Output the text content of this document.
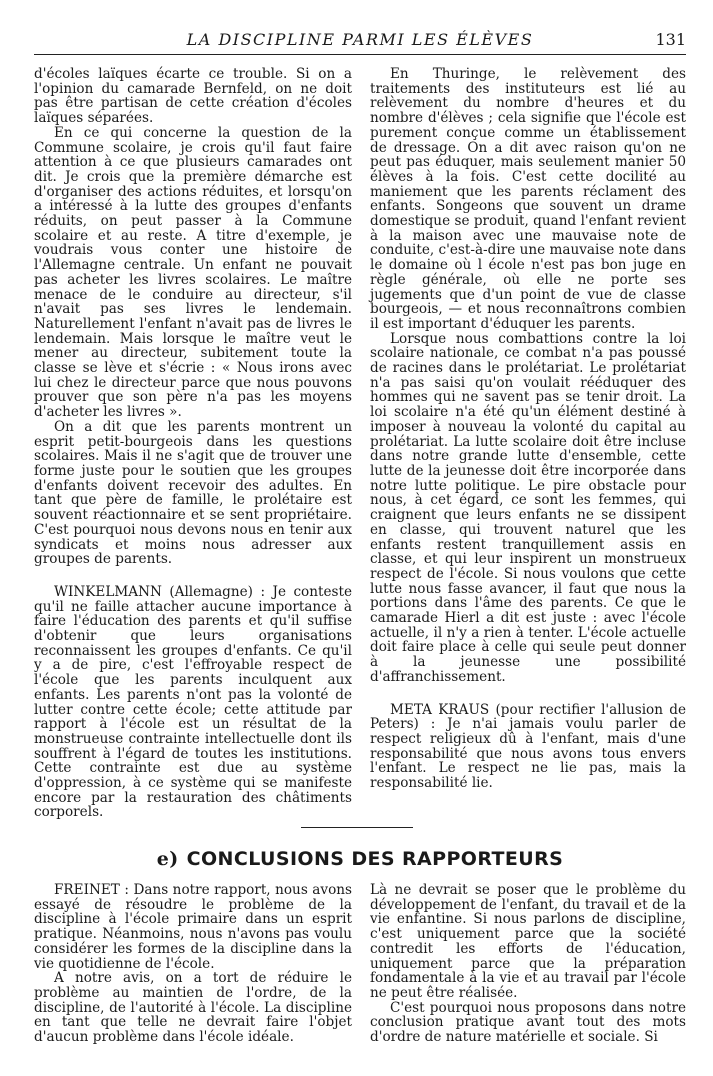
LA DISCIPLINE PARMI LES ÉLÈVES	131

d'écoles laïques écarte ce trouble. Si on a l'opinion du camarade Bernfeld, on ne doit pas être partisan de cette création d'écoles laïques séparées.

En ce qui concerne la question de la Commune scolaire, je crois qu'il faut faire attention à ce que plusieurs camarades ont dit. Je crois que la première démarche est d'organiser des actions réduites, et lorsqu'on a intéressé à la lutte des groupes d'enfants réduits, on peut passer à la Commune scolaire et au reste. A titre d'exemple, je voudrais vous conter une histoire de l'Allemagne centrale. Un enfant ne pouvait pas acheter les livres scolaires. Le maître menace de le conduire au directeur, s'il n'avait pas ses livres le lendemain. Naturellement l'enfant n'avait pas de livres le lendemain. Mais lorsque le maître veut le mener au directeur, subitement toute la classe se lève et s'écrie : « Nous irons avec lui chez le directeur parce que nous pouvons prouver que son père n'a pas les moyens d'acheter les livres ».

On a dit que les parents montrent un esprit petit-bourgeois dans les questions scolaires. Mais il ne s'agit que de trouver une forme juste pour le soutien que les groupes d'enfants doivent recevoir des adultes. En tant que père de famille, le prolétaire est souvent réactionnaire et se sent propriétaire. C'est pourquoi nous devons nous en tenir aux syndicats et moins nous adresser aux groupes de parents.

WINKELMANN (Allemagne) : Je conteste qu'il ne faille attacher aucune importance à faire l'éducation des parents et qu'il suffise d'obtenir que leurs organisations reconnaissent les groupes d'enfants. Ce qu'il y a de pire, c'est l'effroyable respect de l'école que les parents inculquent aux enfants. Les parents n'ont pas la volonté de lutter contre cette école; cette attitude par rapport à l'école est un résultat de la monstrueuse contrainte intellectuelle dont ils souffrent à l'égard de toutes les institutions. Cette contrainte est due au système d'oppression, à ce système qui se manifeste encore par la restauration des châtiments corporels.

En Thuringe, le relèvement des traitements des instituteurs est lié au relèvement du nombre d'heures et du nombre d'élèves ; cela signifie que l'école est purement conçue comme un établissement de dressage. On a dit avec raison qu'on ne peut pas éduquer, mais seulement manier 50 élèves à la fois. C'est cette docilité au maniement que les parents réclament des enfants. Songeons que souvent un drame domestique se produit, quand l'enfant revient à la maison avec une mauvaise note de conduite, c'est-à-dire une mauvaise note dans le domaine où l école n'est pas bon juge en règle générale, où elle ne porte ses jugements que d'un point de vue de classe bourgeois, — et nous reconnaîtrons combien il est important d'éduquer les parents.

Lorsque nous combattions contre la loi scolaire nationale, ce combat n'a pas poussé de racines dans le prolétariat. Le prolétariat n'a pas saisi qu'on voulait rééduquer des hommes qui ne savent pas se tenir droit. La loi scolaire n'a été qu'un élément destiné à imposer à nouveau la volonté du capital au prolétariat. La lutte scolaire doit être incluse dans notre grande lutte d'ensemble, cette lutte de la jeunesse doit être incorporée dans notre lutte politique. Le pire obstacle pour nous, à cet égard, ce sont les femmes, qui craignent que leurs enfants ne se dissipent en classe, qui trouvent naturel que les enfants restent tranquillement assis en classe, et qui leur inspirent un monstrueux respect de l'école. Si nous voulons que cette lutte nous fasse avancer, il faut que nous la portions dans l'âme des parents. Ce que le camarade Hierl a dit est juste : avec l'école actuelle, il n'y a rien à tenter. L'école actuelle doit faire place à celle qui seule peut donner à la jeunesse une possibilité d'affranchissement.

META KRAUS (pour rectifier l'allusion de Peters) : Je n'ai jamais voulu parler de respect religieux dû à l'enfant, mais d'une responsabilité que nous avons tous envers l'enfant. Le respect ne lie pas, mais la responsabilité lie.

e) CONCLUSIONS DES RAPPORTEURS

FREINET : Dans notre rapport, nous avons essayé de résoudre le problème de la discipline à l'école primaire dans un esprit pratique. Néanmoins, nous n'avons pas voulu considérer les formes de la discipline dans la vie quotidienne de l'école.

A notre avis, on a tort de réduire le problème au maintien de l'ordre, de la discipline, de l'autorité à l'école. La discipline en tant que telle ne devrait faire l'objet d'aucun problème dans l'école idéale.

Là ne devrait se poser que le problème du développement de l'enfant, du travail et de la vie enfantine. Si nous parlons de discipline, c'est uniquement parce que la société contredit les efforts de l'éducation, uniquement parce que la préparation fondamentale à la vie et au travail par l'école ne peut être réalisée.

C'est pourquoi nous proposons dans notre conclusion pratique avant tout des mots d'ordre de nature matérielle et sociale. Si
